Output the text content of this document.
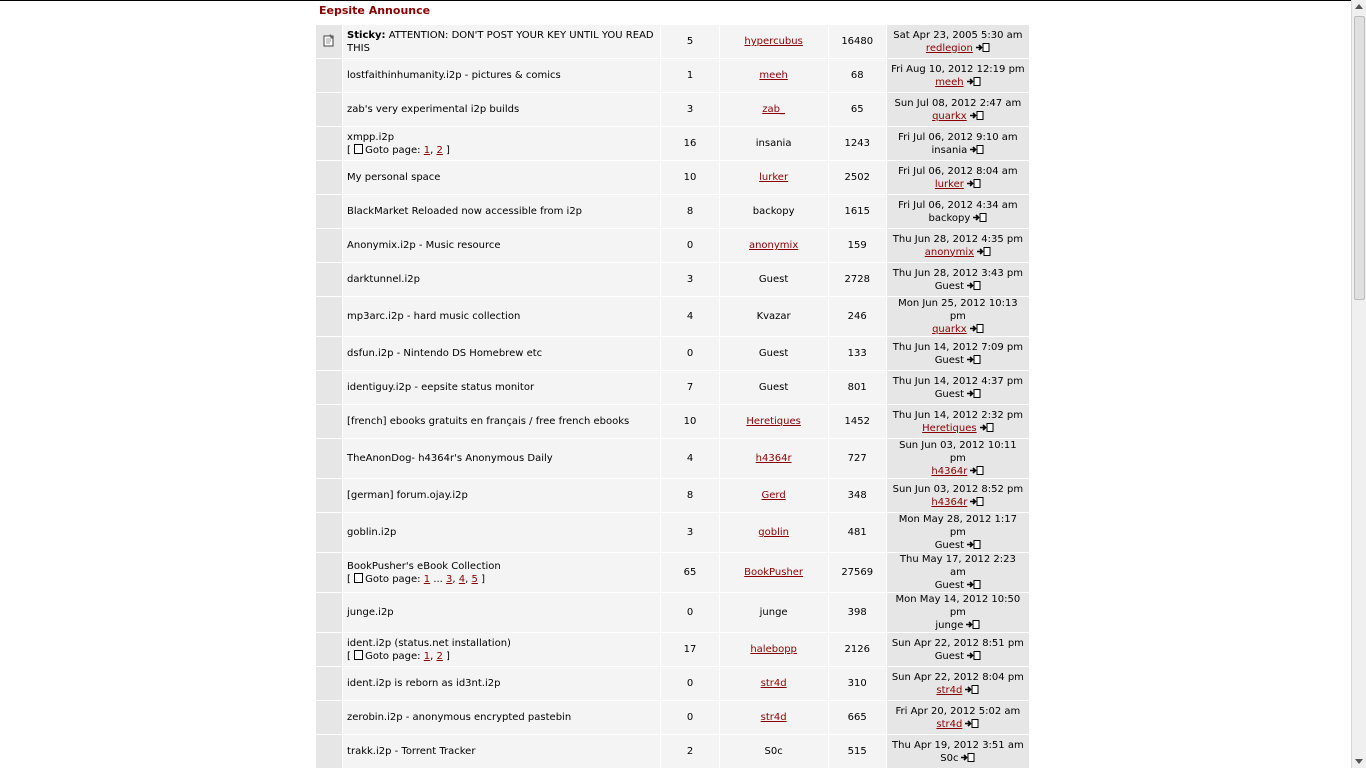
Eepsite Announce
	Sticky: ATTENTION: DON'T POST YOUR KEY UNTIL YOU READ THIS	5	hypercubus	16480	Sat Apr 23, 2005 5:30 am
redlegion
	lostfaithinhumanity.i2p - pictures & comics	1	meeh	68	Fri Aug 10, 2012 12:19 pm
meeh
	zab's very experimental i2p builds	3	zab_	65	Sun Jul 08, 2012 2:47 am
quarkx
	xmpp.i2p
[ Goto page: 1, 2 ]	16	insania	1243	Fri Jul 06, 2012 9:10 am
insania
	My personal space	10	lurker	2502	Fri Jul 06, 2012 8:04 am
lurker
	BlackMarket Reloaded now accessible from i2p	8	backopy	1615	Fri Jul 06, 2012 4:34 am
backopy
	Anonymix.i2p - Music resource	0	anonymix	159	Thu Jun 28, 2012 4:35 pm
anonymix
	darktunnel.i2p	3	Guest	2728	Thu Jun 28, 2012 3:43 pm
Guest
	mp3arc.i2p - hard music collection	4	Kvazar	246	Mon Jun 25, 2012 10:13 pm
quarkx
	dsfun.i2p - Nintendo DS Homebrew etc	0	Guest	133	Thu Jun 14, 2012 7:09 pm
Guest
	identiguy.i2p - eepsite status monitor	7	Guest	801	Thu Jun 14, 2012 4:37 pm
Guest
	[french] ebooks gratuits en français / free french ebooks	10	Heretiques	1452	Thu Jun 14, 2012 2:32 pm
Heretiques
	TheAnonDog- h4364r's Anonymous Daily	4	h4364r	727	Sun Jun 03, 2012 10:11 pm
h4364r
	[german] forum.ojay.i2p	8	Gerd	348	Sun Jun 03, 2012 8:52 pm
h4364r
	goblin.i2p	3	goblin	481	Mon May 28, 2012 1:17 pm
Guest
	BookPusher's eBook Collection
[ Goto page: 1 ... 3, 4, 5 ]	65	BookPusher	27569	Thu May 17, 2012 2:23 am
Guest
	junge.i2p	0	junge	398	Mon May 14, 2012 10:50 pm
junge
	ident.i2p (status.net installation)
[ Goto page: 1, 2 ]	17	halebopp	2126	Sun Apr 22, 2012 8:51 pm
Guest
	ident.i2p is reborn as id3nt.i2p	0	str4d	310	Sun Apr 22, 2012 8:04 pm
str4d
	zerobin.i2p - anonymous encrypted pastebin	0	str4d	665	Fri Apr 20, 2012 5:02 am
str4d
	trakk.i2p - Torrent Tracker	2	S0c	515	Thu Apr 19, 2012 3:51 am
S0c
